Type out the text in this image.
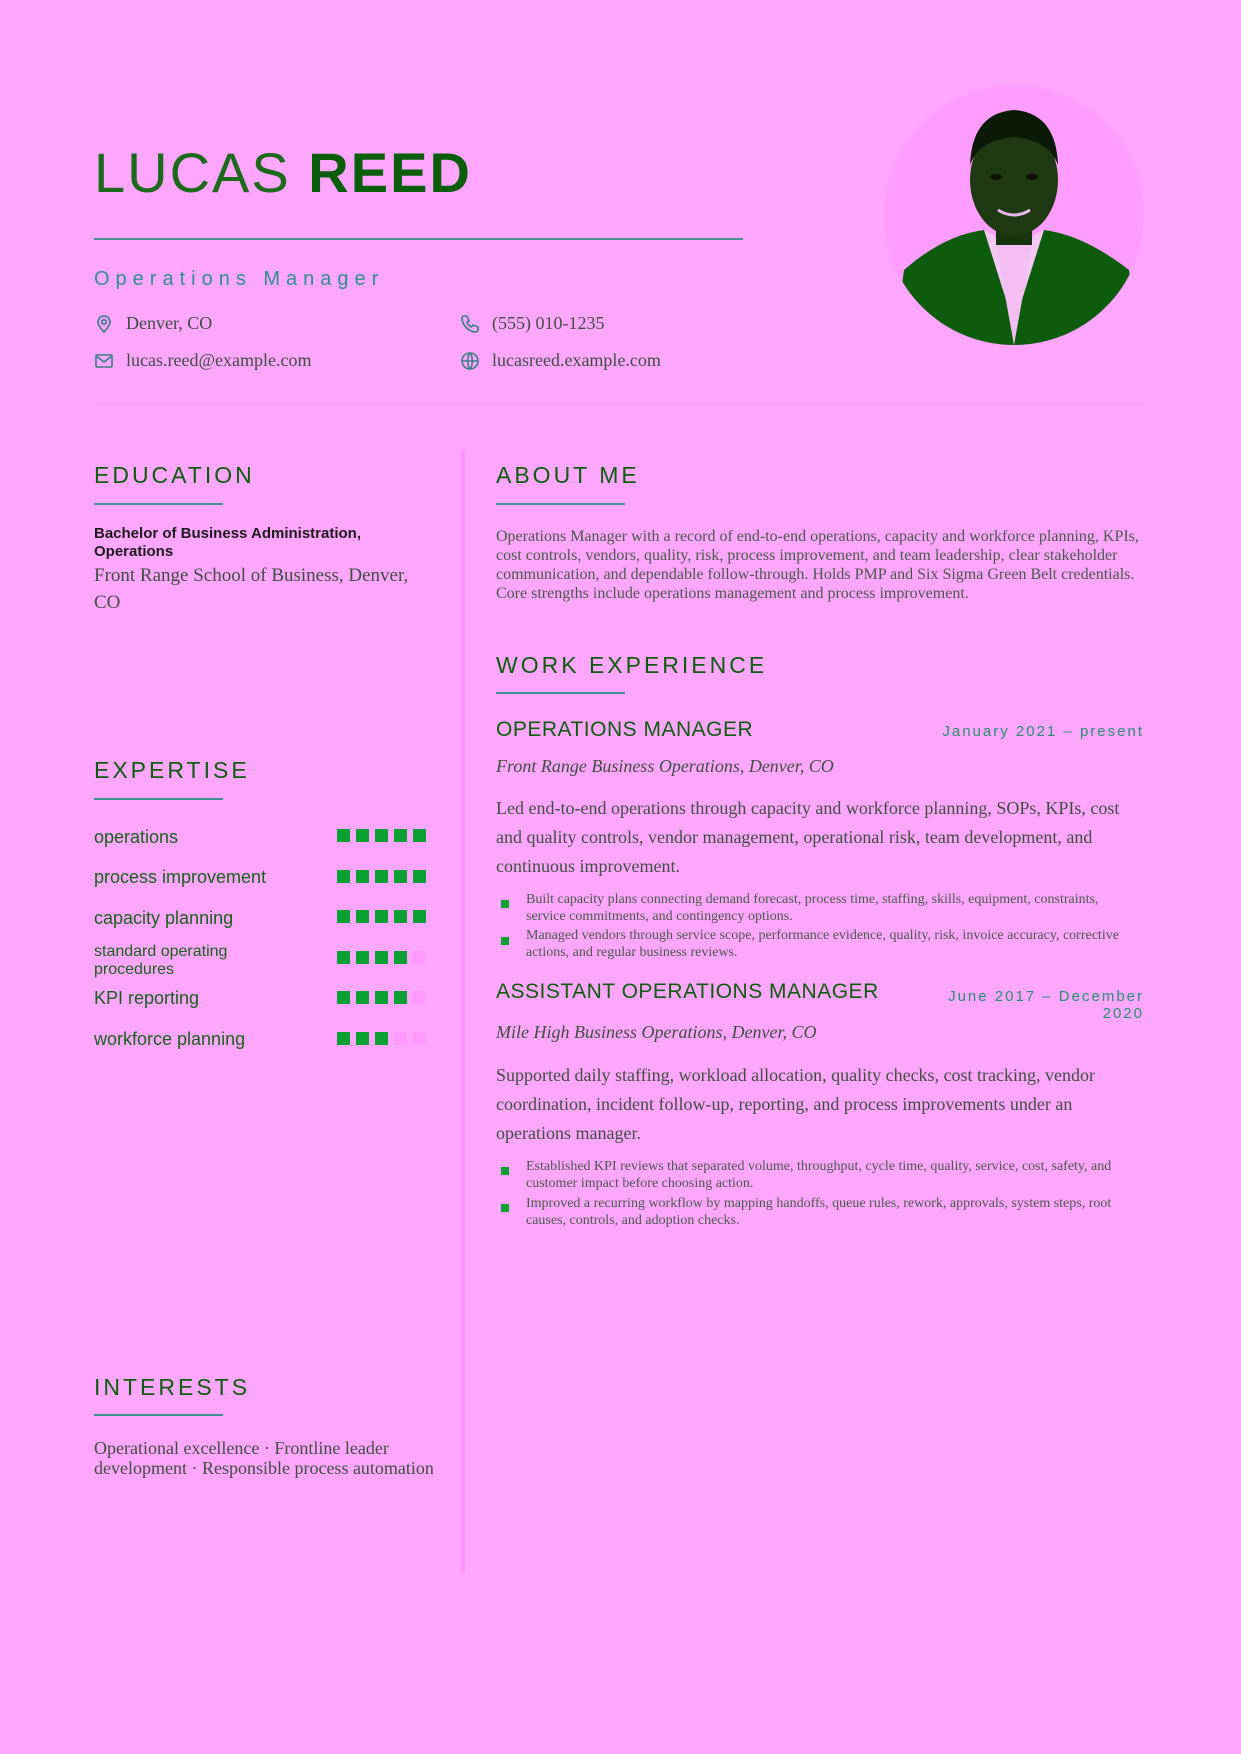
LUCAS REED
Operations Manager
Denver, CO	(555) 010-1235
lucas.reed@example.com	lucasreed.example.com
EDUCATION
Bachelor of Business Administration, Operations
Front Range School of Business, Denver, CO
EXPERTISE
operations
process improvement
capacity planning
standard operating procedures
KPI reporting
workforce planning
INTERESTS
Operational excellence · Frontline leader development · Responsible process automation
ABOUT ME
Operations Manager with a record of end-to-end operations, capacity and workforce planning, KPIs, cost controls, vendors, quality, risk, process improvement, and team leadership, clear stakeholder communication, and dependable follow-through. Holds PMP and Six Sigma Green Belt credentials. Core strengths include operations management and process improvement.
WORK EXPERIENCE
OPERATIONS MANAGER	January 2021 – present
Front Range Business Operations, Denver, CO
Led end-to-end operations through capacity and workforce planning, SOPs, KPIs, cost and quality controls, vendor management, operational risk, team development, and continuous improvement.
Built capacity plans connecting demand forecast, process time, staffing, skills, equipment, constraints, service commitments, and contingency options.
Managed vendors through service scope, performance evidence, quality, risk, invoice accuracy, corrective actions, and regular business reviews.
ASSISTANT OPERATIONS MANAGER	June 2017 – December 2020
Mile High Business Operations, Denver, CO
Supported daily staffing, workload allocation, quality checks, cost tracking, vendor coordination, incident follow-up, reporting, and process improvements under an operations manager.
Established KPI reviews that separated volume, throughput, cycle time, quality, service, cost, safety, and customer impact before choosing action.
Improved a recurring workflow by mapping handoffs, queue rules, rework, approvals, system steps, root causes, controls, and adoption checks.
